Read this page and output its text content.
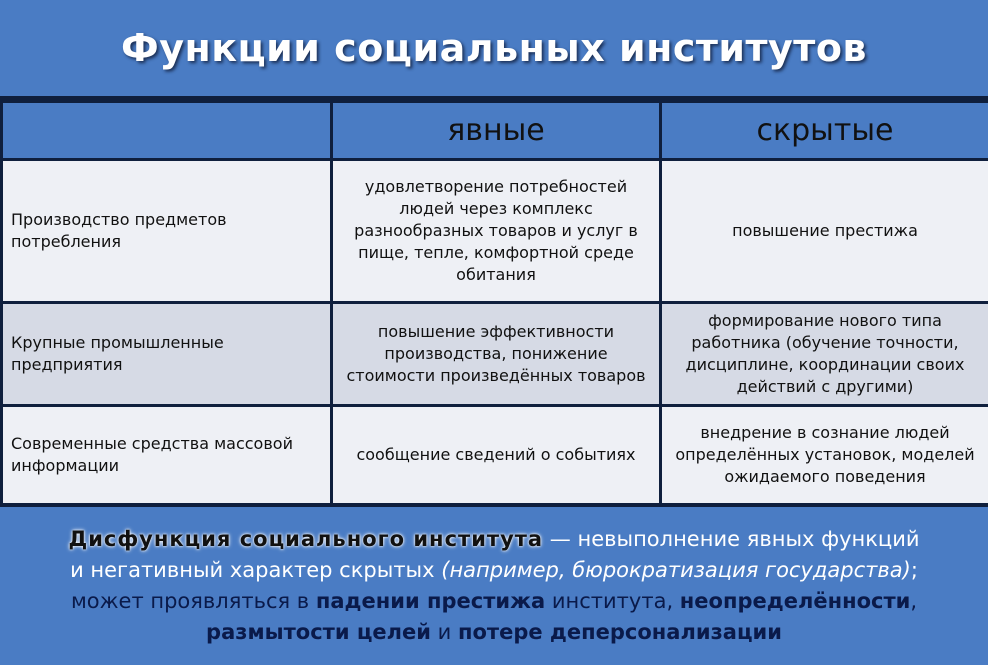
Функции социальных институтов
	явные	скрытые
Производство предметов потребления	удовлетворение потребностей людей через комплекс разнообразных товаров и услуг в пище, тепле, комфортной среде обитания	повышение престижа
Крупные промышленные предприятия	повышение эффективности производства, понижение стоимости произведённых товаров	формирование нового типа работника (обучение точности, дисциплине, координации своих действий с другими)
Современные средства массовой информации	сообщение сведений о событиях	внедрение в сознание людей определённых установок, моделей ожидаемого поведения
Дисфункция социального института — невыполнение явных функций
и негативный характер скрытых (например, бюрократизация государства);
может проявляться в падении престижа института, неопределённости,
размытости целей и потере деперсонализации
